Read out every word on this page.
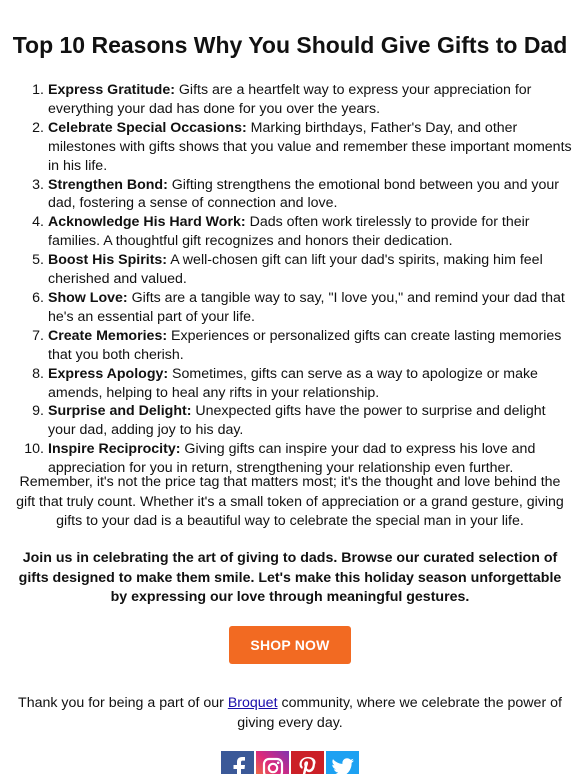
Top 10 Reasons Why You Should Give Gifts to Dad
1. Express Gratitude: Gifts are a heartfelt way to express your appreciation for everything your dad has done for you over the years.
2. Celebrate Special Occasions: Marking birthdays, Father's Day, and other milestones with gifts shows that you value and remember these important moments in his life.
3. Strengthen Bond: Gifting strengthens the emotional bond between you and your dad, fostering a sense of connection and love.
4. Acknowledge His Hard Work: Dads often work tirelessly to provide for their families. A thoughtful gift recognizes and honors their dedication.
5. Boost His Spirits: A well-chosen gift can lift your dad's spirits, making him feel cherished and valued.
6. Show Love: Gifts are a tangible way to say, "I love you," and remind your dad that he's an essential part of your life.
7. Create Memories: Experiences or personalized gifts can create lasting memories that you both cherish.
8. Express Apology: Sometimes, gifts can serve as a way to apologize or make amends, helping to heal any rifts in your relationship.
9. Surprise and Delight: Unexpected gifts have the power to surprise and delight your dad, adding joy to his day.
10. Inspire Reciprocity: Giving gifts can inspire your dad to express his love and appreciation for you in return, strengthening your relationship even further.

Remember, it's not the price tag that matters most; it's the thought and love behind the gift that truly count. Whether it's a small token of appreciation or a grand gesture, giving gifts to your dad is a beautiful way to celebrate the special man in your life.

Join us in celebrating the art of giving to dads. Browse our curated selection of gifts designed to make them smile. Let's make this holiday season unforgettable by expressing our love through meaningful gestures.

SHOP NOW

Thank you for being a part of our Broquet community, where we celebrate the power of giving every day.
